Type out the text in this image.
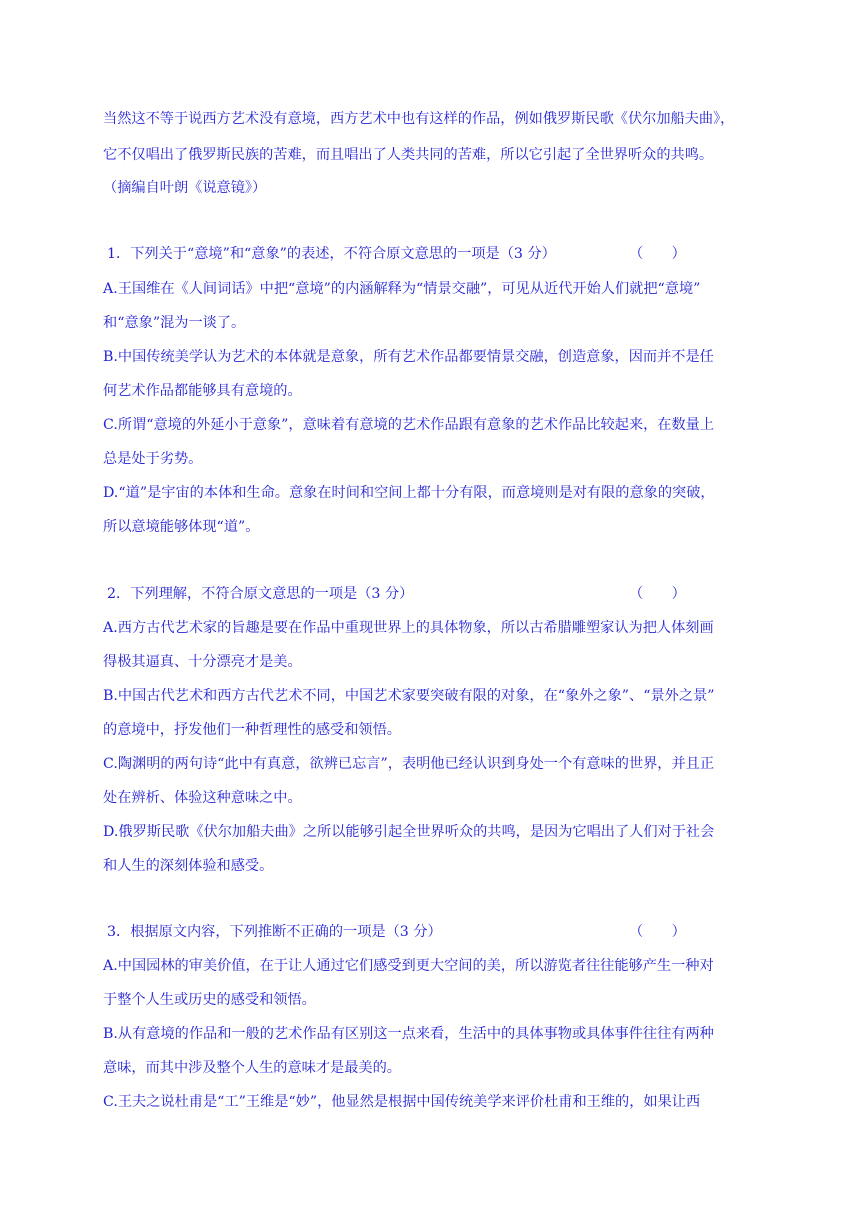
当然这不等于说西方艺术没有意境，西方艺术中也有这样的作品，例如俄罗斯民歌《伏尔加船夫曲》，
它不仅唱出了俄罗斯民族的苦难，而且唱出了人类共同的苦难，所以它引起了全世界听众的共鸣。
（摘编自叶朗《说意镜》）
1．下列关于“意境”和“意象”的表述，不符合原文意思的一项是（3 分）	（　　）
A.王国维在《人间词话》中把“意境”的内涵解释为“情景交融”，可见从近代开始人们就把“意境”
和“意象”混为一谈了。
B.中国传统美学认为艺术的本体就是意象，所有艺术作品都要情景交融，创造意象，因而并不是任
何艺术作品都能够具有意境的。
C.所谓“意境的外延小于意象”，意味着有意境的艺术作品跟有意象的艺术作品比较起来，在数量上
总是处于劣势。
D.“道”是宇宙的本体和生命。意象在时间和空间上都十分有限，而意境则是对有限的意象的突破，
所以意境能够体现“道”。
2．下列理解，不符合原文意思的一项是（3 分）	（　　）
A.西方古代艺术家的旨趣是要在作品中重现世界上的具体物象，所以古希腊雕塑家认为把人体刻画
得极其逼真、十分漂亮才是美。
B.中国古代艺术和西方古代艺术不同，中国艺术家要突破有限的对象，在“象外之象”、“景外之景”
的意境中，抒发他们一种哲理性的感受和领悟。
C.陶渊明的两句诗“此中有真意，欲辨已忘言”，表明他已经认识到身处一个有意味的世界，并且正
处在辨析、体验这种意味之中。
D.俄罗斯民歌《伏尔加船夫曲》之所以能够引起全世界听众的共鸣，是因为它唱出了人们对于社会
和人生的深刻体验和感受。
3．根据原文内容，下列推断不正确的一项是（3 分）	（　　）
A.中国园林的审美价值，在于让人通过它们感受到更大空间的美，所以游览者往往能够产生一种对
于整个人生或历史的感受和领悟。
B.从有意境的作品和一般的艺术作品有区别这一点来看，生活中的具体事物或具体事件往往有两种
意味，而其中涉及整个人生的意味才是最美的。
C.王夫之说杜甫是“工”王维是“妙”，他显然是根据中国传统美学来评价杜甫和王维的，如果让西
